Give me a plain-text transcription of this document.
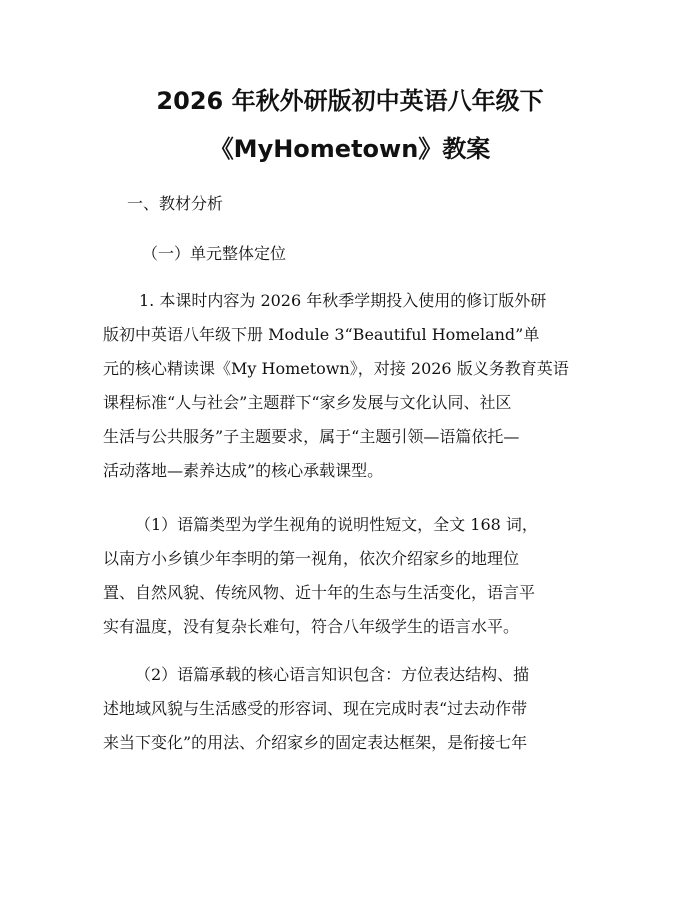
2026 年秋外研版初中英语八年级下
《MyHometown》教案
一、教材分析
（一）单元整体定位
1. 本课时内容为 2026 年秋季学期投入使用的修订版外研
版初中英语八年级下册 Module 3“Beautiful Homeland”单
元的核心精读课《My Hometown》，对接 2026 版义务教育英语
课程标准“人与社会”主题群下“家乡发展与文化认同、社区
生活与公共服务”子主题要求，属于“主题引领—语篇依托—
活动落地—素养达成”的核心承载课型。
（1）语篇类型为学生视角的说明性短文，全文 168 词，
以南方小乡镇少年李明的第一视角，依次介绍家乡的地理位
置、自然风貌、传统风物、近十年的生态与生活变化，语言平
实有温度，没有复杂长难句，符合八年级学生的语言水平。
（2）语篇承载的核心语言知识包含：方位表达结构、描
述地域风貌与生活感受的形容词、现在完成时表“过去动作带
来当下变化”的用法、介绍家乡的固定表达框架，是衔接七年
